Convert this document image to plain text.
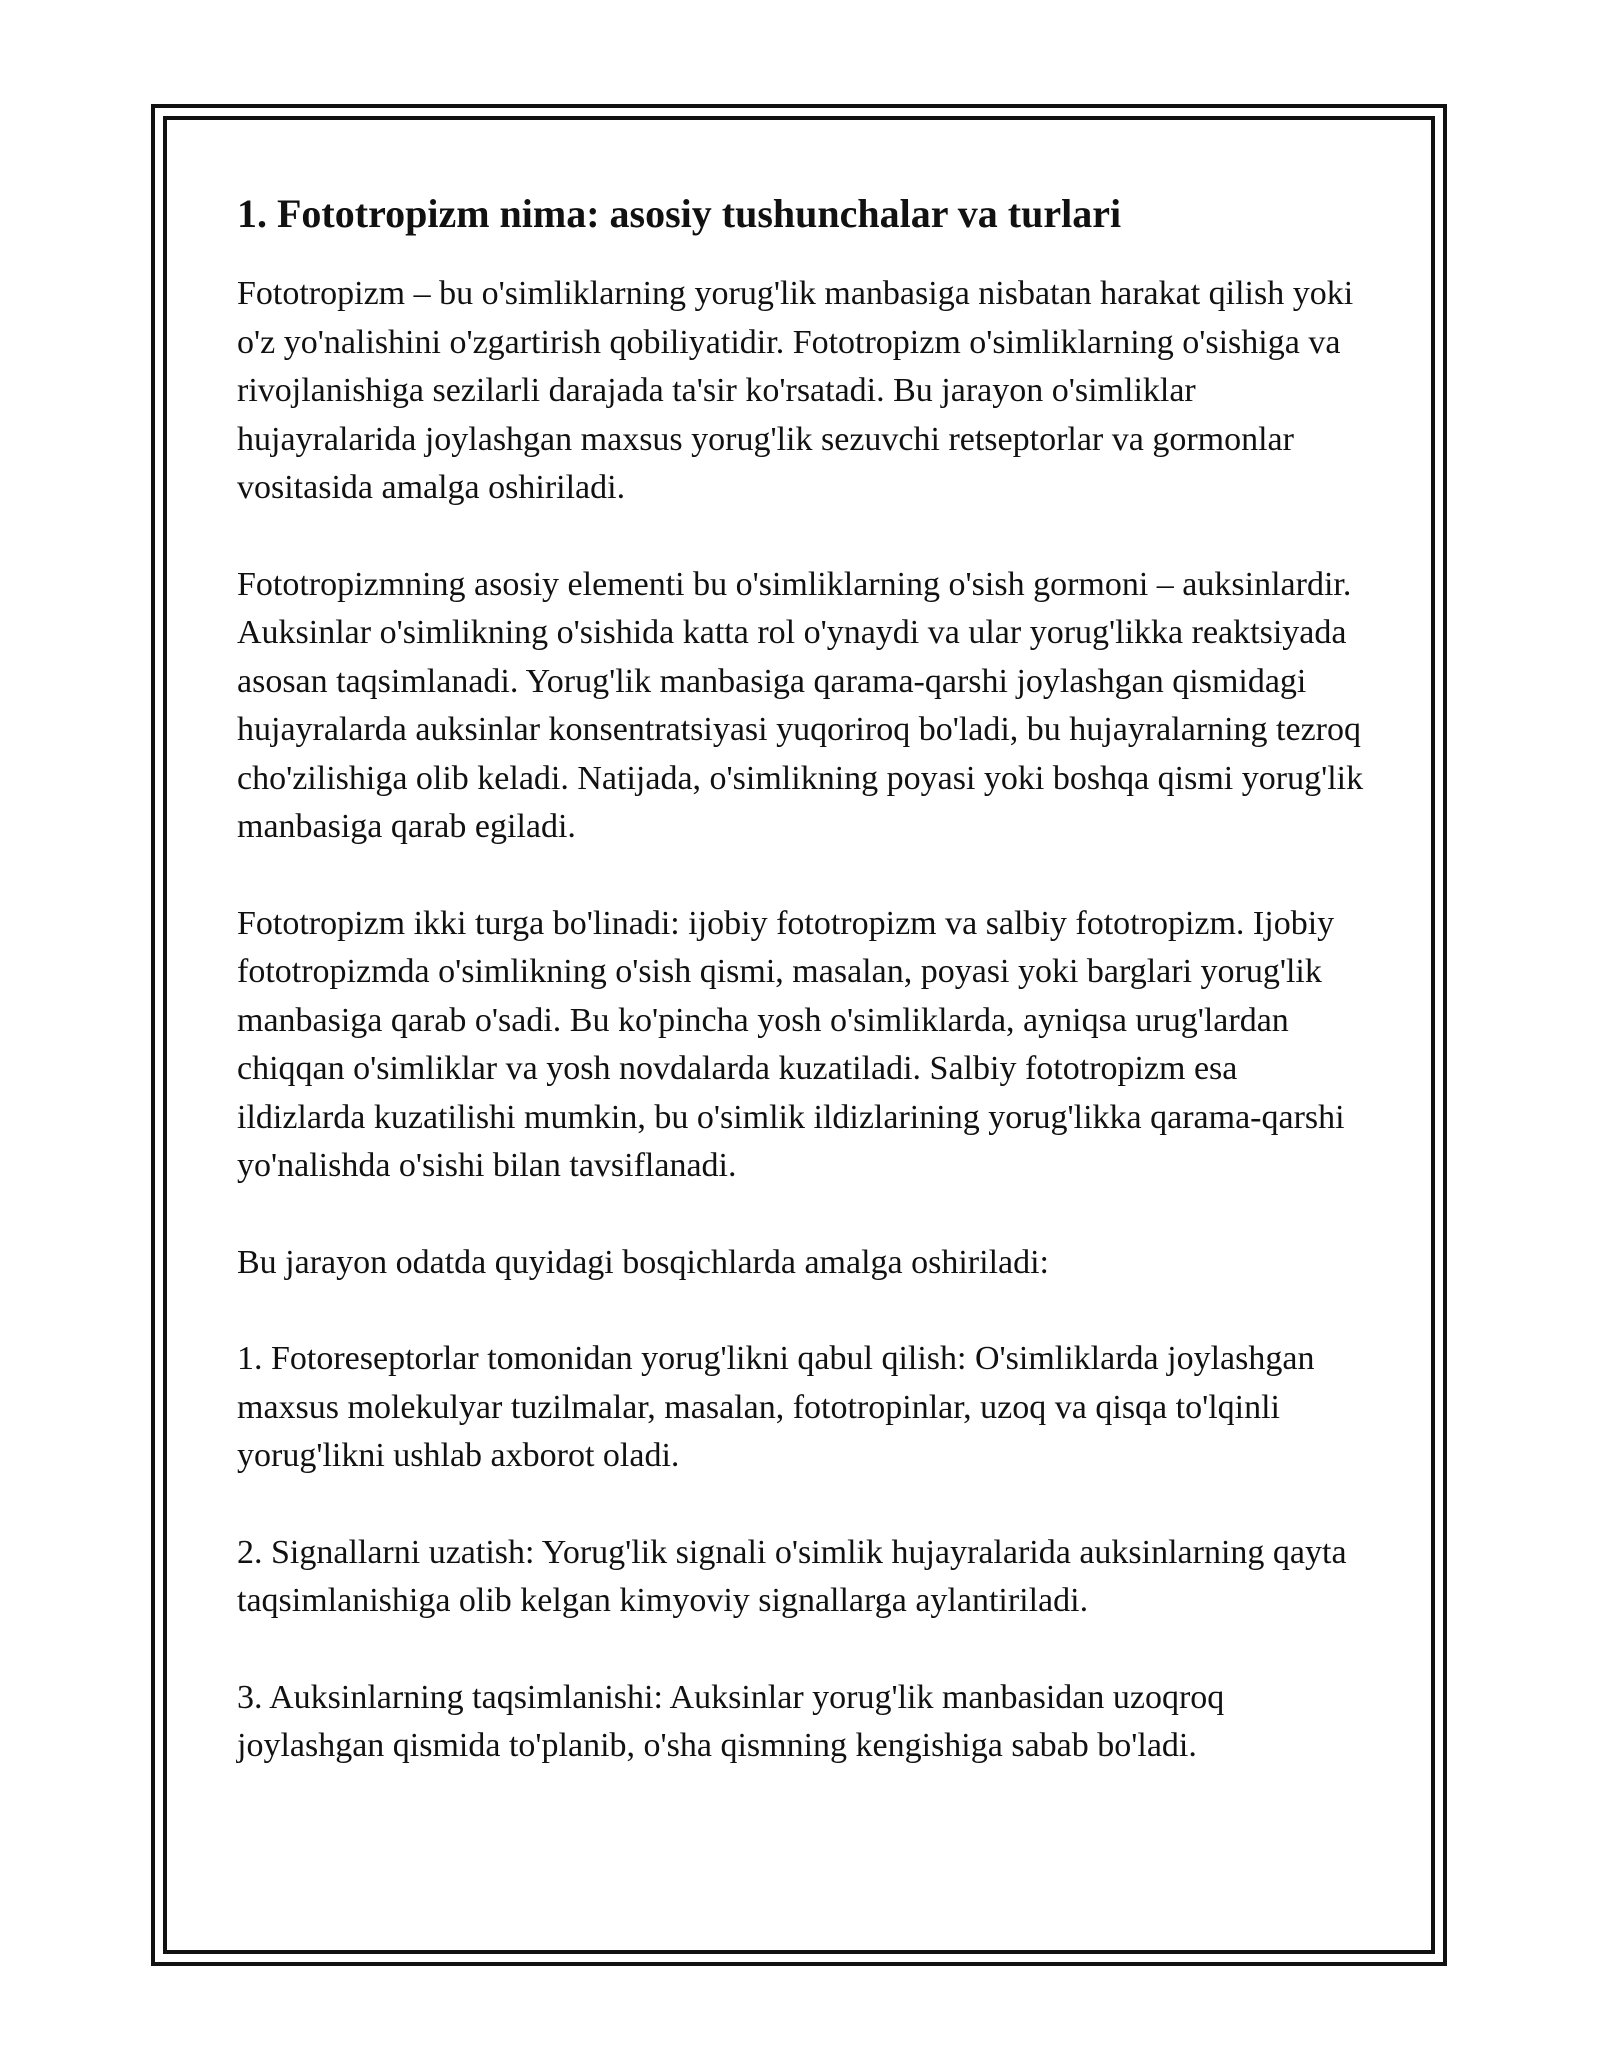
1. Fototropizm nima: asosiy tushunchalar va turlari

Fototropizm – bu o'simliklarning yorug'lik manbasiga nisbatan harakat qilish yoki o'z yo'nalishini o'zgartirish qobiliyatidir. Fototropizm o'simliklarning o'sishiga va rivojlanishiga sezilarli darajada ta'sir ko'rsatadi. Bu jarayon o'simliklar hujayralarida joylashgan maxsus yorug'lik sezuvchi retseptorlar va gormonlar vositasida amalga oshiriladi.

Fototropizmning asosiy elementi bu o'simliklarning o'sish gormoni – auksinlardir. Auksinlar o'simlikning o'sishida katta rol o'ynaydi va ular yorug'likka reaktsiyada asosan taqsimlanadi. Yorug'lik manbasiga qarama-qarshi joylashgan qismidagi hujayralarda auksinlar konsentratsiyasi yuqoriroq bo'ladi, bu hujayralarning tezroq cho'zilishiga olib keladi. Natijada, o'simlikning poyasi yoki boshqa qismi yorug'lik manbasiga qarab egiladi.

Fototropizm ikki turga bo'linadi: ijobiy fototropizm va salbiy fototropizm. Ijobiy fototropizmda o'simlikning o'sish qismi, masalan, poyasi yoki barglari yorug'lik manbasiga qarab o'sadi. Bu ko'pincha yosh o'simliklarda, ayniqsa urug'lardan chiqqan o'simliklar va yosh novdalarda kuzatiladi. Salbiy fototropizm esa ildizlarda kuzatilishi mumkin, bu o'simlik ildizlarining yorug'likka qarama-qarshi yo'nalishda o'sishi bilan tavsiflanadi.

Bu jarayon odatda quyidagi bosqichlarda amalga oshiriladi:

1. Fotoreseptorlar tomonidan yorug'likni qabul qilish: O'simliklarda joylashgan maxsus molekulyar tuzilmalar, masalan, fototropinlar, uzoq va qisqa to'lqinli yorug'likni ushlab axborot oladi.

2. Signallarni uzatish: Yorug'lik signali o'simlik hujayralarida auksinlarning qayta taqsimlanishiga olib kelgan kimyoviy signallarga aylantiriladi.

3. Auksinlarning taqsimlanishi: Auksinlar yorug'lik manbasidan uzoqroq joylashgan qismida to'planib, o'sha qismning kengishiga sabab bo'ladi.
